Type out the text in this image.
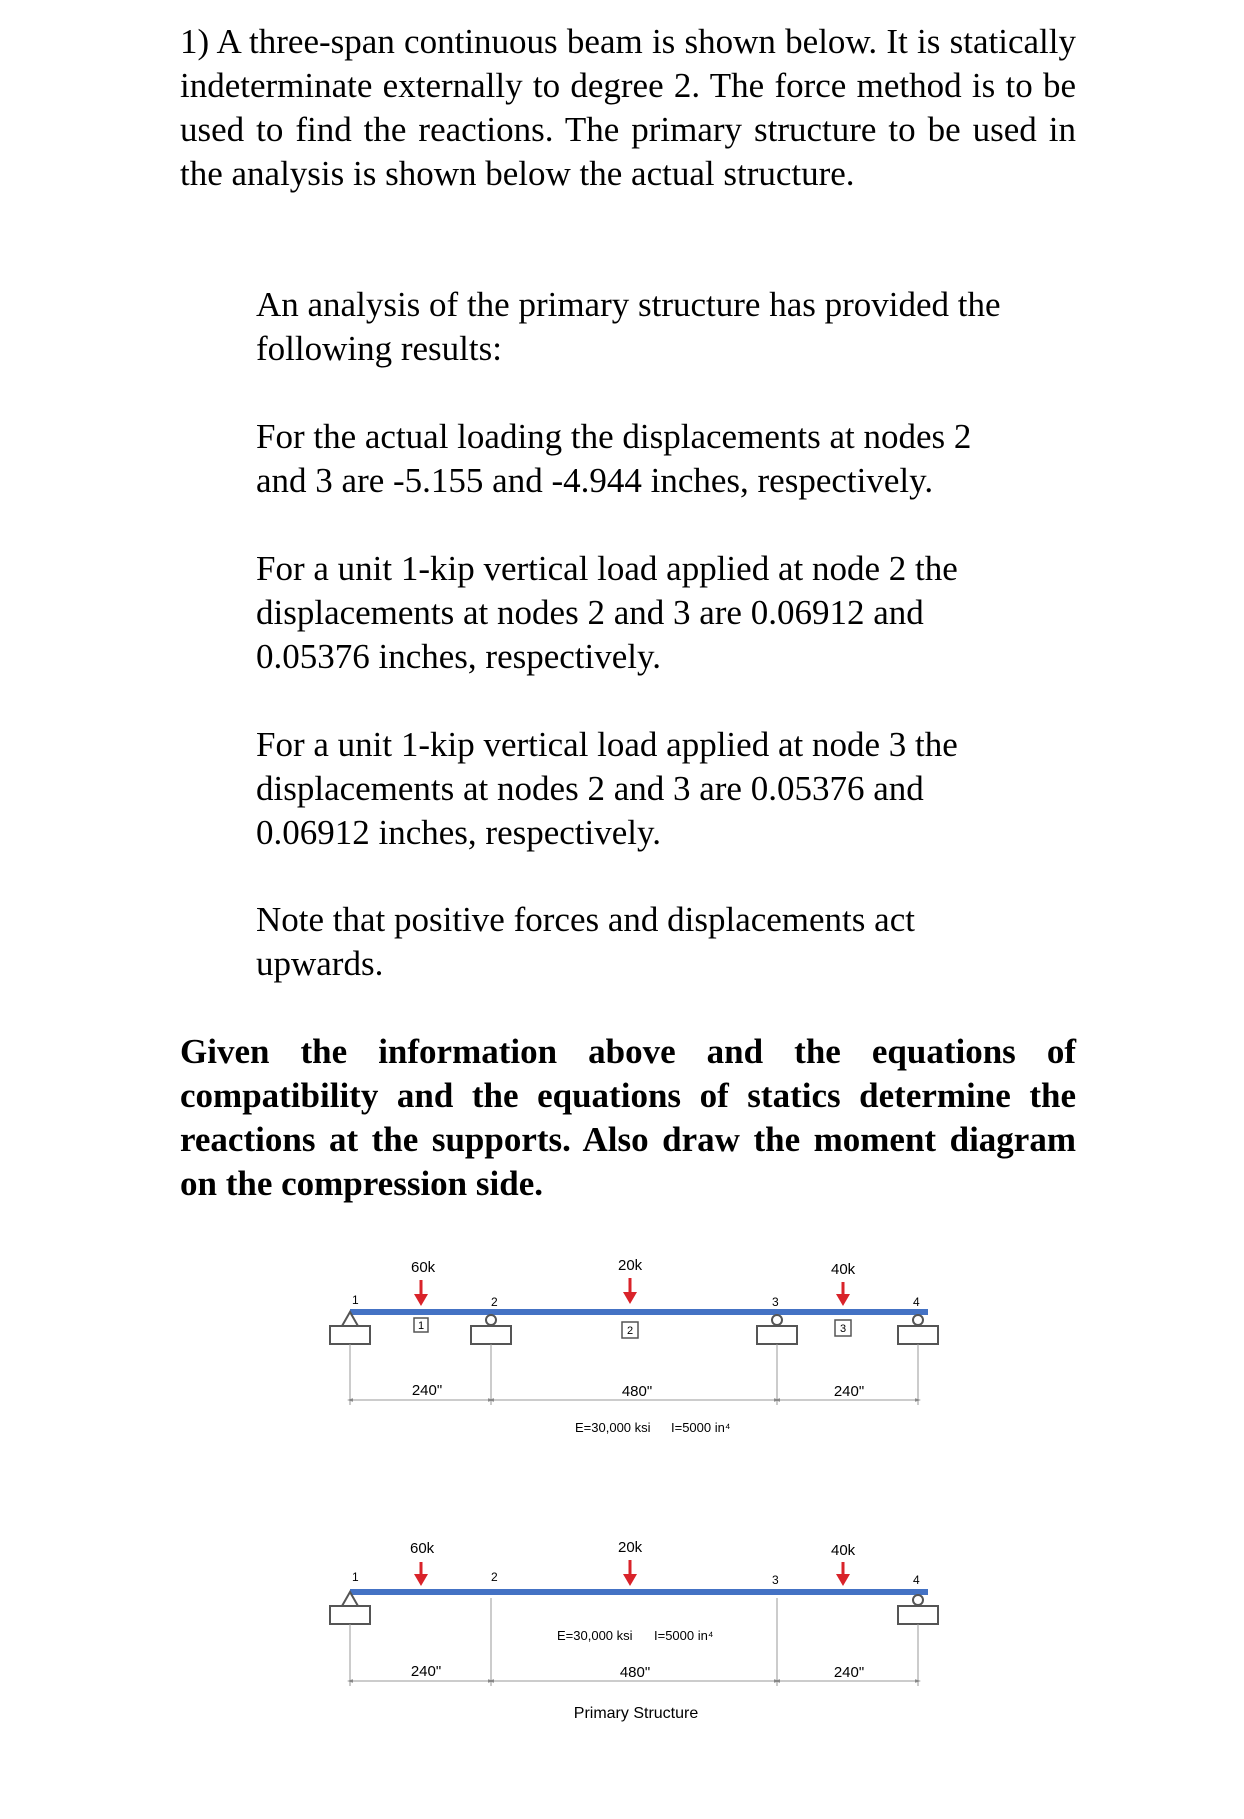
1) A three-span continuous beam is shown below. It is statically indeterminate externally to degree 2. The force method is to be used to find the reactions. The primary structure to be used in the analysis is shown below the actual structure.

An analysis of the primary structure has provided the
following results:

For the actual loading the displacements at nodes 2
and 3 are -5.155 and -4.944 inches, respectively.

For a unit 1-kip vertical load applied at node 2 the
displacements at nodes 2 and 3 are 0.06912 and
0.05376 inches, respectively.

For a unit 1-kip vertical load applied at node 3 the
displacements at nodes 2 and 3 are 0.05376 and
0.06912 inches, respectively.

Note that positive forces and displacements act
upwards.

Given the information above and the equations of compatibility and the equations of statics determine the reactions at the supports. Also draw the moment diagram on the compression side.

1	2	3	4
60k	20k	40k
1	2	3
240"	480"	240"
E=30,000 ksi I=5000 in⁴
1	2	3	4
60k	20k	40k
E=30,000 ksi I=5000 in⁴
240"	480"	240"
Primary Structure
